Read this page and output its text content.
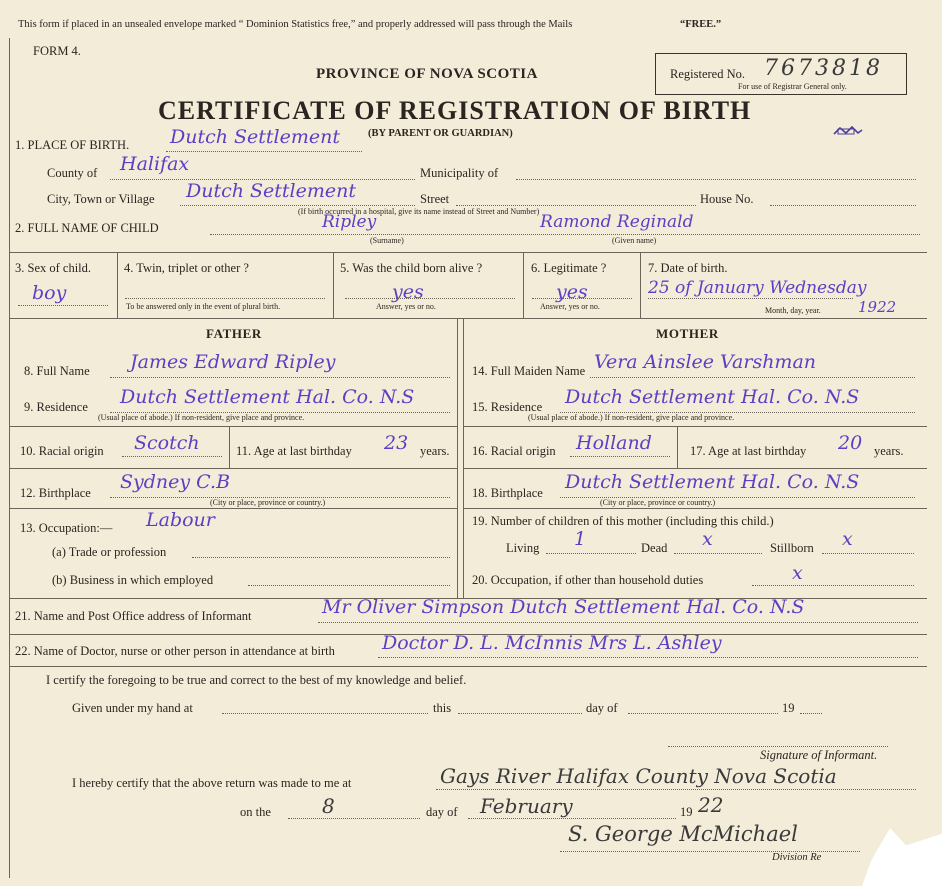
This form if placed in an unsealed envelope marked “ Dominion Statistics free,” and properly addressed will pass through the Mails	“FREE.”
FORM 4.
PROVINCE OF NOVA SCOTIA
CERTIFICATE OF REGISTRATION OF BIRTH
(BY PARENT OR GUARDIAN)
Registered No. 7673818
For use of Registrar General only.
1. PLACE OF BIRTH. Dutch Settlement
County of Halifax	Municipality of
City, Town or Village Dutch Settlement	Street	House No.
(If birth occurred in a hospital, give its name instead of Street and Number)
2. FULL NAME OF CHILD	Ripley
(Surname)
Ramond Reginald
(Given name)
3. Sex of child.
boy
4. Twin, triplet or other ?
To be answered only in the event of plural birth.
5. Was the child born alive ?
yes
Answer, yes or no.
6. Legitimate ?
yes
Answer, yes or no.
7. Date of birth.
25 of January Wednesday
1922
Month, day, year.
FATHER	MOTHER
8. Full Name James Edward Ripley
9. Residence Dutch Settlement Hal. Co. N.S
(Usual place of abode.) If non-resident, give place and province.
10. Racial origin Scotch	11. Age at last birthday 23 years.
12. Birthplace Sydney C.B
(City or place, province or country.)
13. Occupation:— Labour
(a) Trade or profession
(b) Business in which employed
14. Full Maiden Name Vera Ainslee Varshman
15. Residence Dutch Settlement Hal. Co. N.S
(Usual place of abode.) If non-resident, give place and province.
16. Racial origin Holland	17. Age at last birthday 20 years.
18. Birthplace Dutch Settlement Hal. Co. N.S
(City or place, province or country.)
19. Number of children of this mother (including this child.)
Living 1	Dead x	Stillborn x
20. Occupation, if other than household duties	x
21. Name and Post Office address of Informant	Mr Oliver Simpson Dutch Settlement Hal. Co. N.S
22. Name of Doctor, nurse or other person in attendance at birth Doctor D. L. McInnis Mrs L. Ashley
I certify the foregoing to be true and correct to the best of my knowledge and belief.
Given under my hand at	this	day of	19
Signature of Informant.
I hereby certify that the above return was made to me at	Gays River Halifax County Nova Scotia
on the	8	day of February	19 22
S. George McMichael
Division Re
